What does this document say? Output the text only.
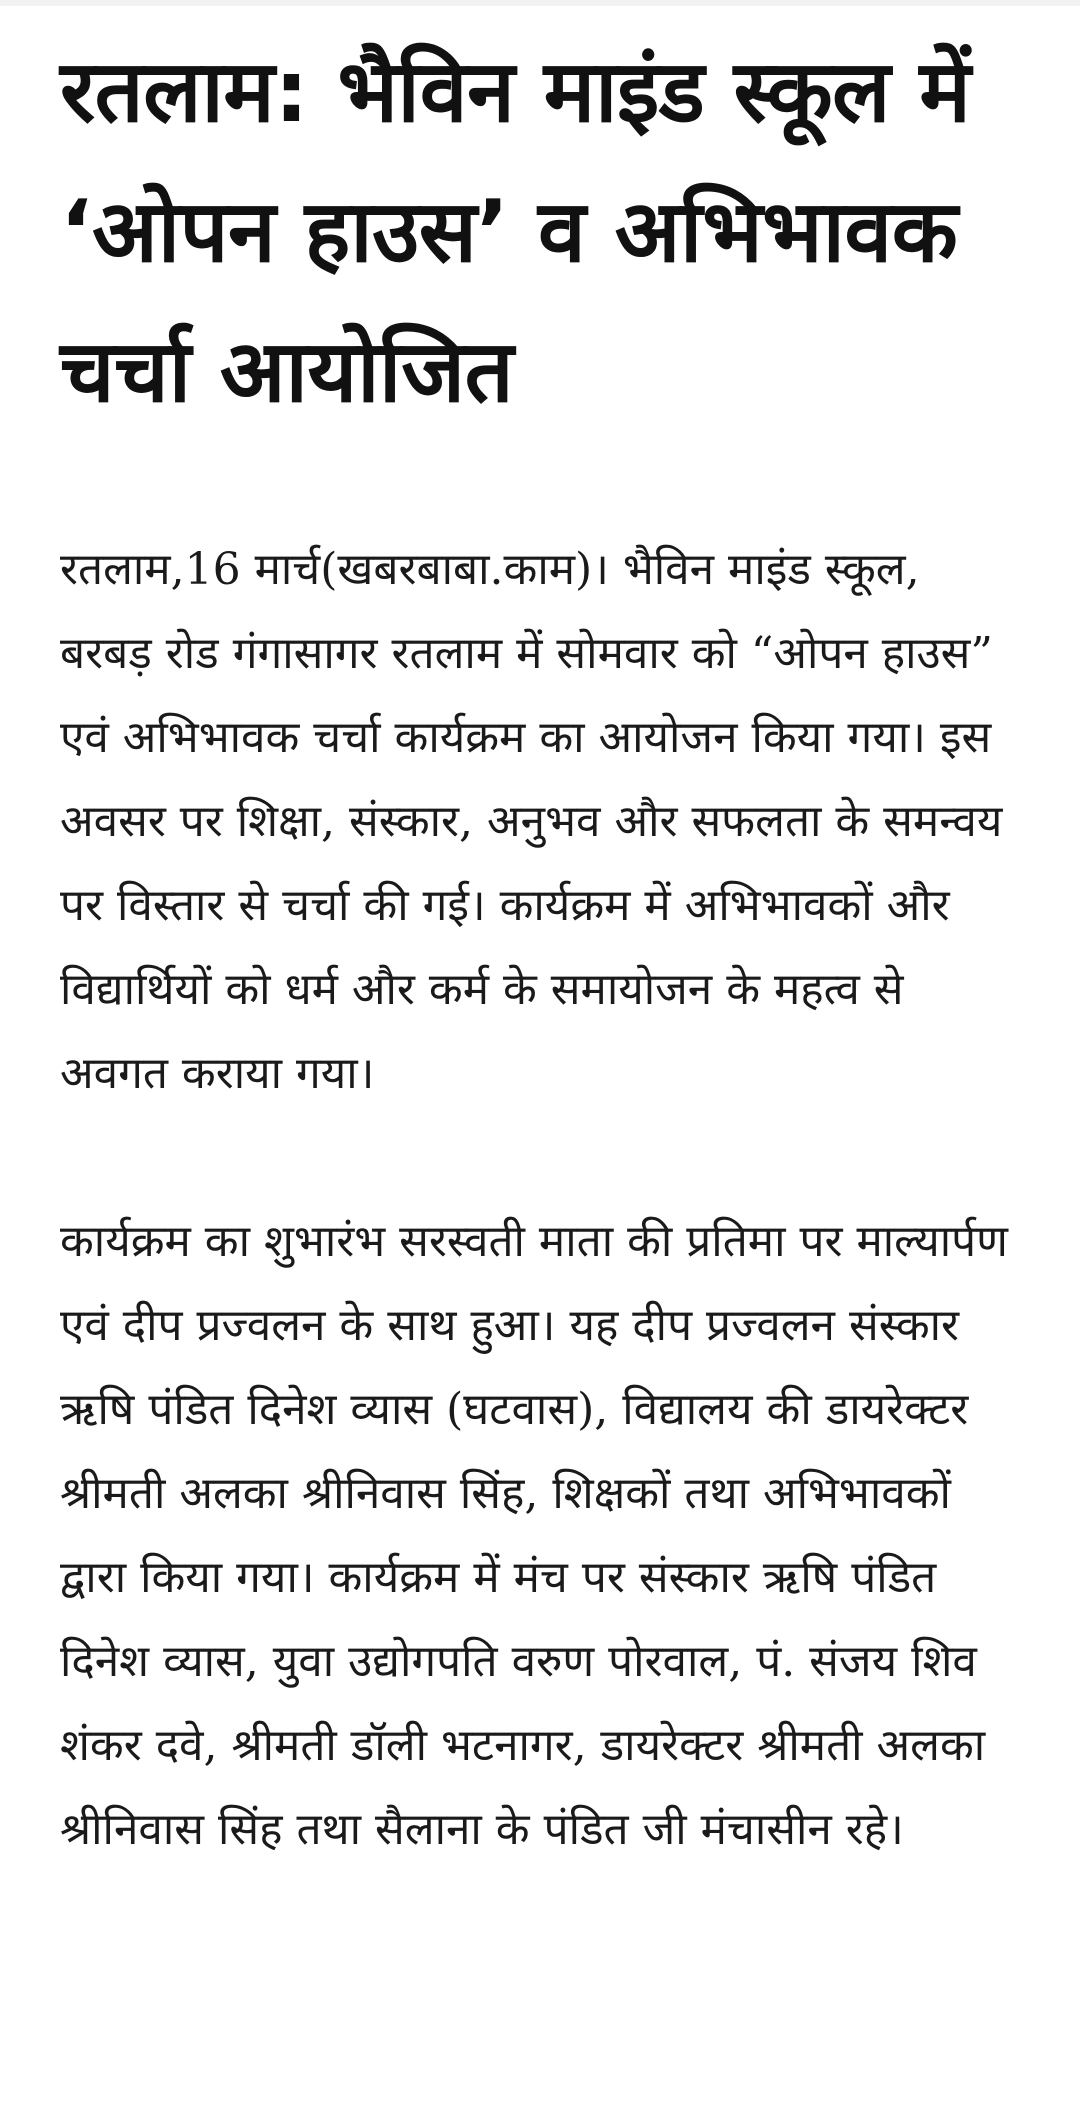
रतलाम: भैविन माइंड स्कूल में ‘ओपन हाउस’ व अभिभावक चर्चा आयोजित

रतलाम,16 मार्च(खबरबाबा.काम)। भैविन माइंड स्कूल, बरबड़ रोड गंगासागर रतलाम में सोमवार को “ओपन हाउस” एवं अभिभावक चर्चा कार्यक्रम का आयोजन किया गया। इस अवसर पर शिक्षा, संस्कार, अनुभव और सफलता के समन्वय पर विस्तार से चर्चा की गई। कार्यक्रम में अभिभावकों और विद्यार्थियों को धर्म और कर्म के समायोजन के महत्व से अवगत कराया गया।

कार्यक्रम का शुभारंभ सरस्वती माता की प्रतिमा पर माल्यार्पण एवं दीप प्रज्वलन के साथ हुआ। यह दीप प्रज्वलन संस्कार ऋषि पंडित दिनेश व्यास (घटवास), विद्यालय की डायरेक्टर श्रीमती अलका श्रीनिवास सिंह, शिक्षकों तथा अभिभावकों द्वारा किया गया। कार्यक्रम में मंच पर संस्कार ऋषि पंडित दिनेश व्यास, युवा उद्योगपति वरुण पोरवाल, पं. संजय शिव शंकर दवे, श्रीमती डॉली भटनागर, डायरेक्टर श्रीमती अलका श्रीनिवास सिंह तथा सैलाना के पंडित जी मंचासीन रहे।
